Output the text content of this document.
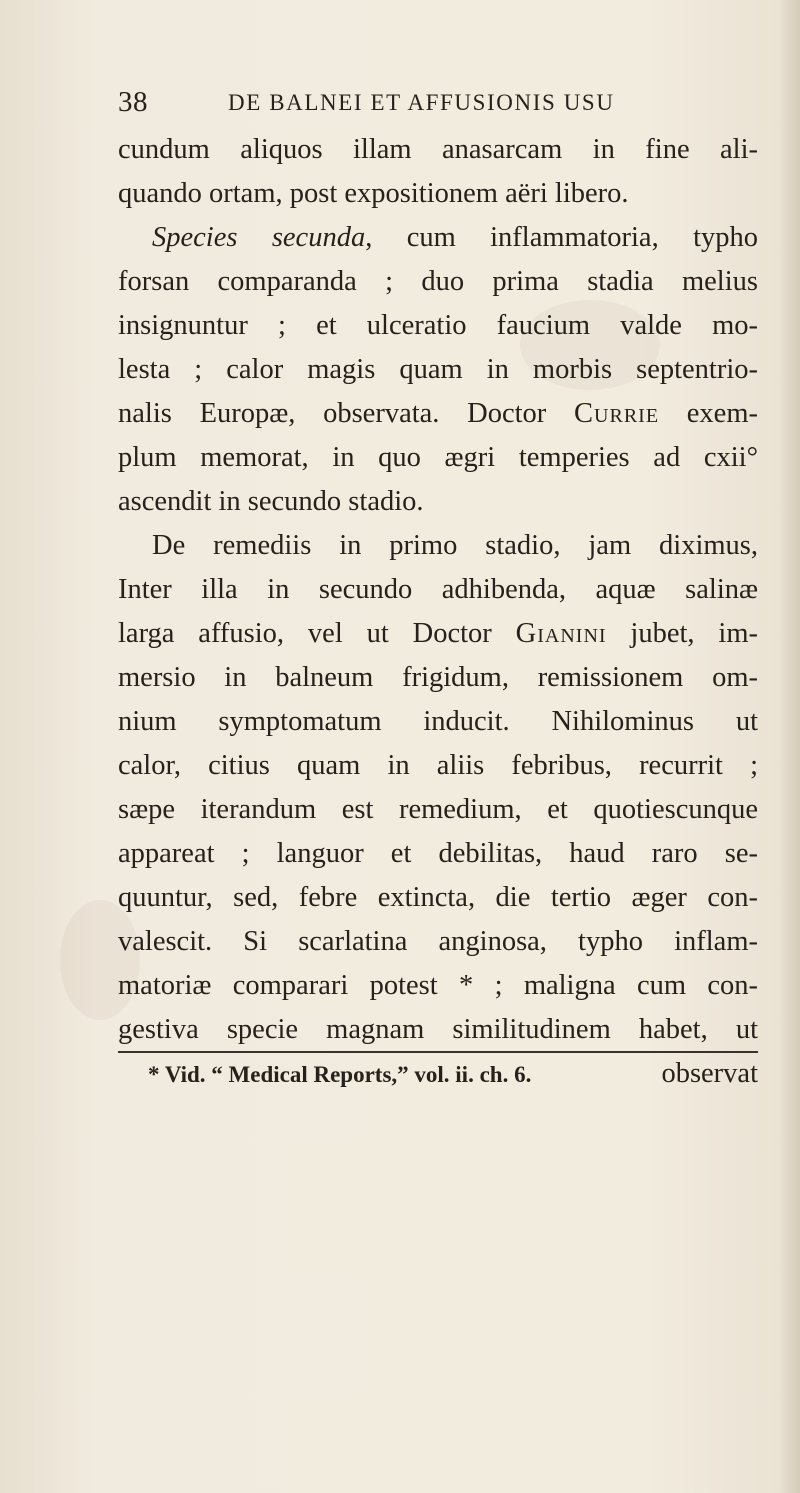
38	DE BALNEI ET AFFUSIONIS USU
cundum aliquos illam anasarcam in fine ali-
quando ortam, post expositionem aëri libero.
Species secunda, cum inflammatoria, typho
forsan comparanda ; duo prima stadia melius
insignuntur ; et ulceratio faucium valde mo-
lesta ; calor magis quam in morbis septentrio-
nalis Europæ, observata. Doctor Currie exem-
plum memorat, in quo ægri temperies ad cxii°
ascendit in secundo stadio.
De remediis in primo stadio, jam diximus,
Inter illa in secundo adhibenda, aquæ salinæ
larga affusio, vel ut Doctor Gianini jubet, im-
mersio in balneum frigidum, remissionem om-
nium symptomatum inducit. Nihilominus ut
calor, citius quam in aliis febribus, recurrit ;
sæpe iterandum est remedium, et quotiescunque
appareat ; languor et debilitas, haud raro se-
quuntur, sed, febre extincta, die tertio æger con-
valescit. Si scarlatina anginosa, typho inflam-
matoriæ comparari potest * ; maligna cum con-
gestiva specie magnam similitudinem habet, ut
observat
* Vid. “ Medical Reports,” vol. ii. ch. 6.
